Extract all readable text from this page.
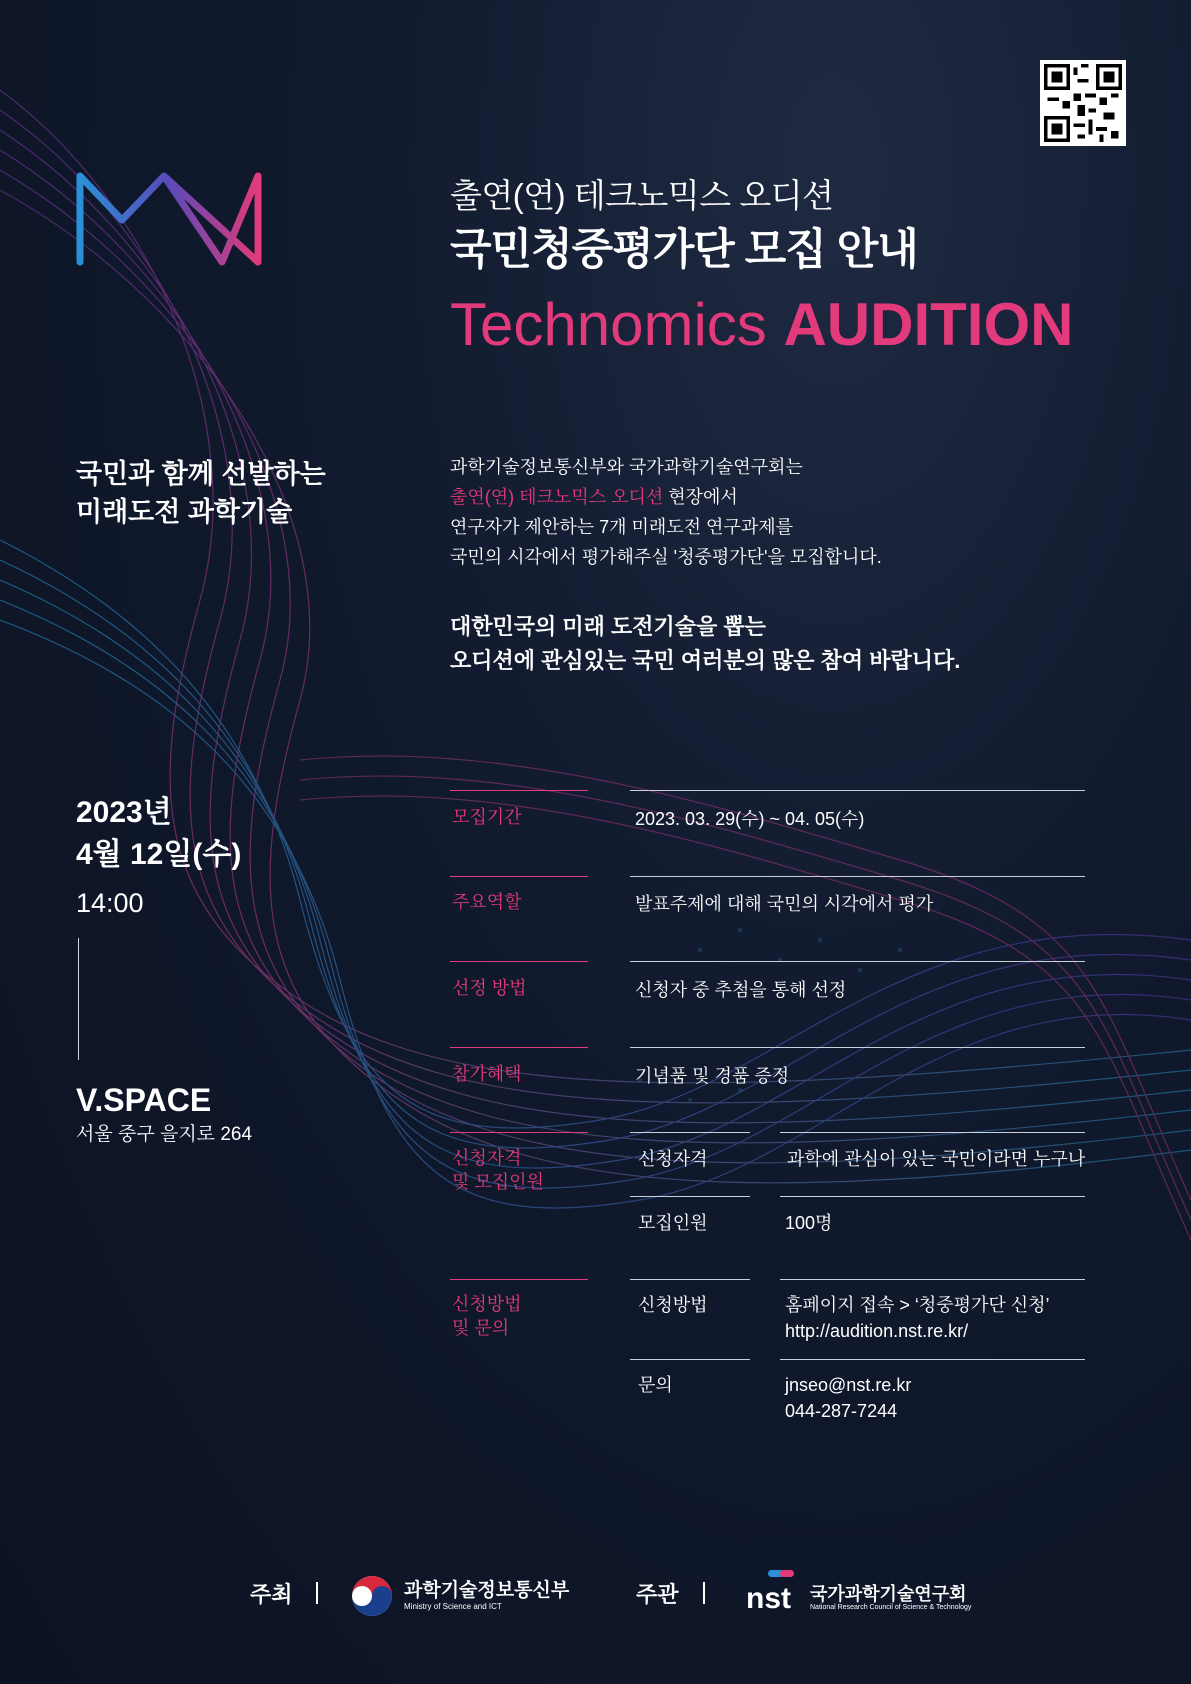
출연(연) 테크노믹스 오디션
국민청중평가단 모집 안내
Technomics AUDITION
국민과 함께 선발하는
미래도전 과학기술
과학기술정보통신부와 국가과학기술연구회는
출연(연) 테크노믹스 오디션 현장에서
연구자가 제안하는 7개 미래도전 연구과제를
국민의 시각에서 평가해주실 '청중평가단'을 모집합니다.
대한민국의 미래 도전기술을 뽑는
오디션에 관심있는 국민 여러분의 많은 참여 바랍니다.
2023년
4월 12일(수)
14:00
V.SPACE
서울 중구 을지로 264
모집기간	2023. 03. 29(수) ~ 04. 05(수)
주요역할	발표주제에 대해 국민의 시각에서 평가
선정 방법	신청자 중 추첨을 통해 선정
참가혜택	기념품 및 경품 증정
신청자격
및 모집인원
신청자격	과학에 관심이 있는 국민이라면 누구나
모집인원	100명
신청방법
및 문의
신청방법	홈페이지 접속 > ‘청중평가단 신청’
http://audition.nst.re.kr/
문의	jnseo@nst.re.kr
044-287-7244
주최	과학기술정보통신부
Ministry of Science and ICT	주관 nst 국가과학기술연구회
National Research Council of Science & Technology
